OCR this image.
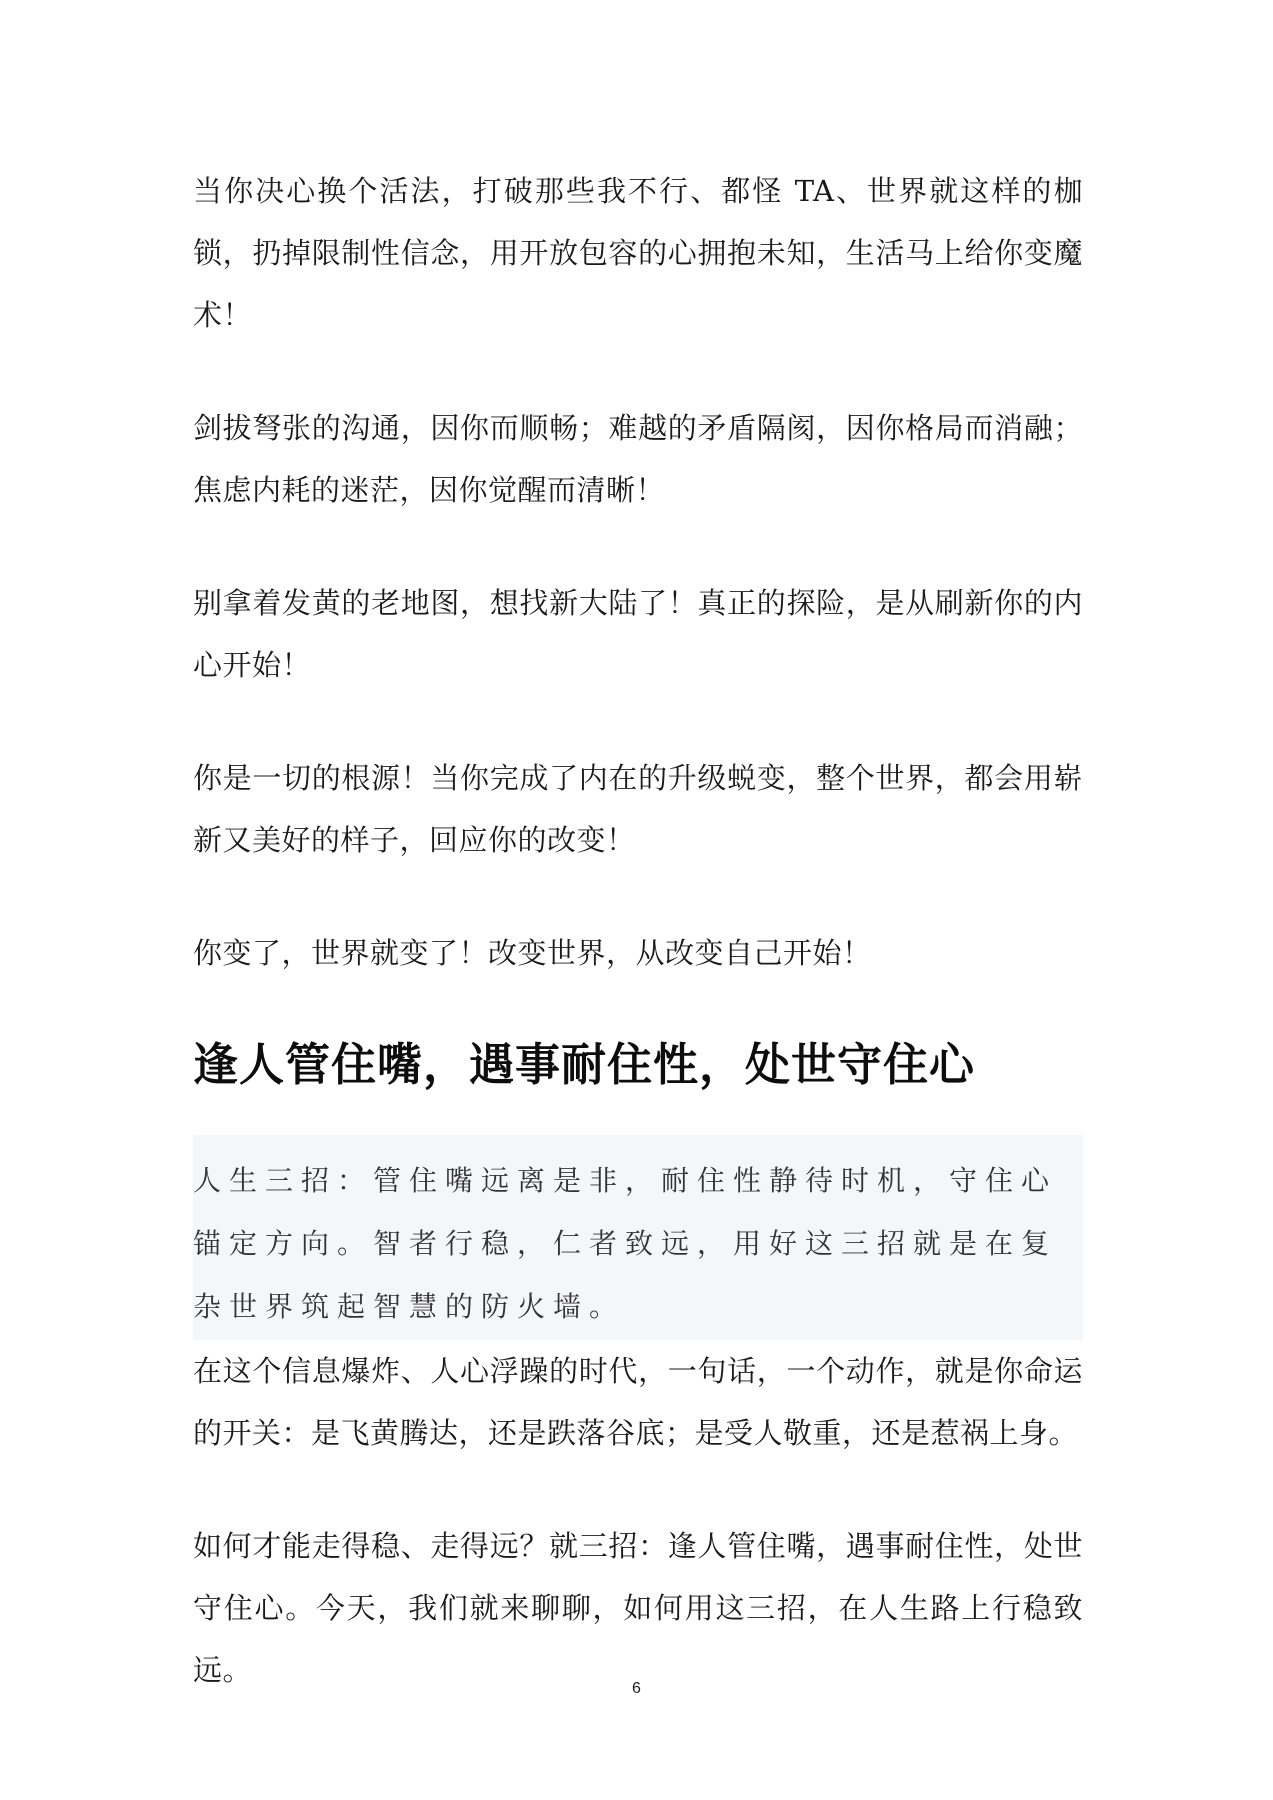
当你决心换个活法，打破那些我不行、都怪 TA、世界就这样的枷锁，扔掉限制性信念，用开放包容的心拥抱未知，生活马上给你变魔术！

剑拔弩张的沟通，因你而顺畅；难越的矛盾隔阂，因你格局而消融；焦虑内耗的迷茫，因你觉醒而清晰！

别拿着发黄的老地图，想找新大陆了！真正的探险，是从刷新你的内心开始！

你是一切的根源！当你完成了内在的升级蜕变，整个世界，都会用崭新又美好的样子，回应你的改变！

你变了，世界就变了！改变世界，从改变自己开始！

逢人管住嘴，遇事耐住性，处世守住心
人生三招：管住嘴远离是非，耐住性静待时机，守住心锚定方向。智者行稳，仁者致远，用好这三招就是在复杂世界筑起智慧的防火墙。

在这个信息爆炸、人心浮躁的时代，一句话，一个动作，就是你命运的开关：是飞黄腾达，还是跌落谷底；是受人敬重，还是惹祸上身。

如何才能走得稳、走得远？就三招：逢人管住嘴，遇事耐住性，处世守住心。今天，我们就来聊聊，如何用这三招，在人生路上行稳致远。

6
